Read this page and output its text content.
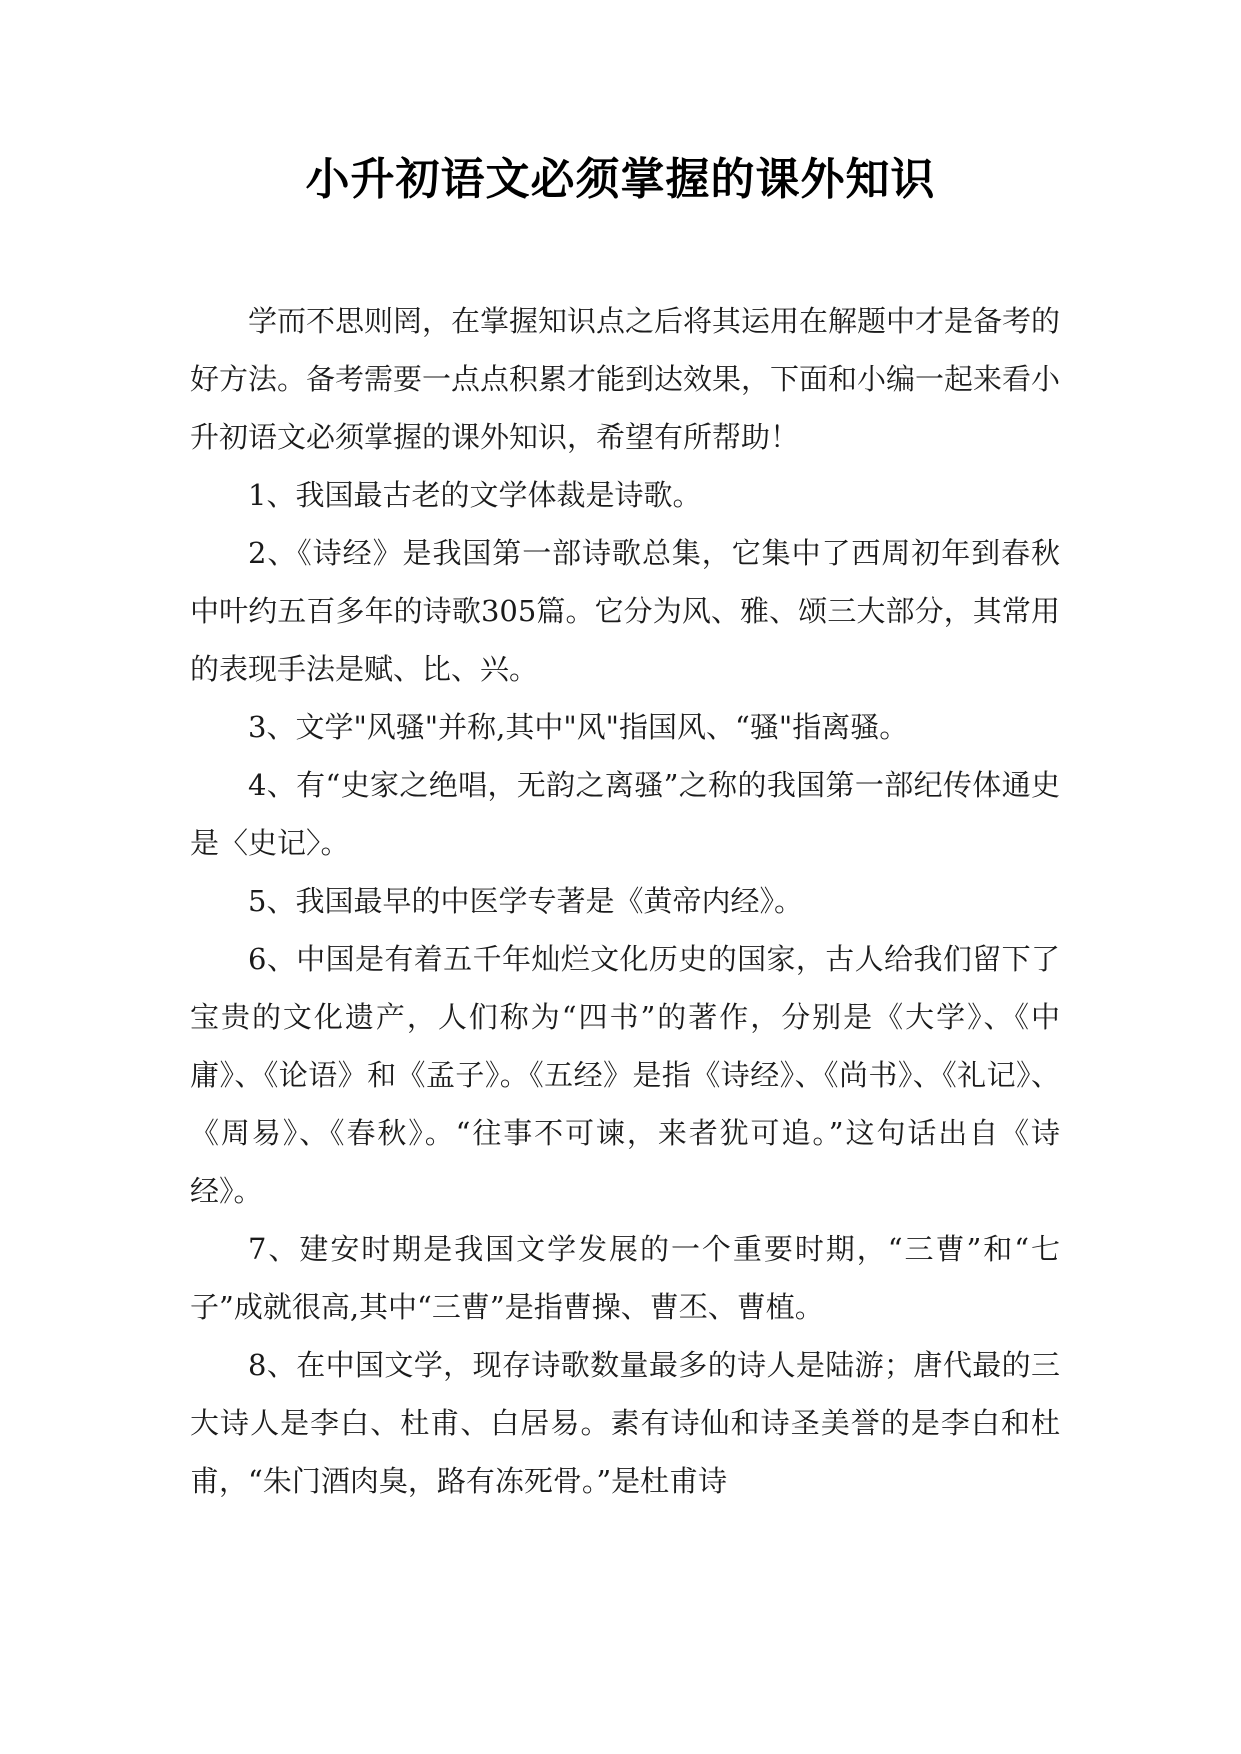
小升初语文必须掌握的课外知识

学而不思则罔，在掌握知识点之后将其运用在解题中才是备考的好方法。备考需要一点点积累才能到达效果，下面和小编一起来看小升初语文必须掌握的课外知识，希望有所帮助！

1、我国最古老的文学体裁是诗歌。

2、《诗经》是我国第一部诗歌总集，它集中了西周初年到春秋中叶约五百多年的诗歌305篇。它分为风、雅、颂三大部分，其常用的表现手法是赋、比、兴。

3、文学"风骚"并称,其中"风"指国风、“骚"指离骚。

4、有“史家之绝唱，无韵之离骚”之称的我国第一部纪传体通史是〈史记〉。

5、我国最早的中医学专著是《黄帝内经》。

6、中国是有着五千年灿烂文化历史的国家，古人给我们留下了宝贵的文化遗产，人们称为“四书”的著作，分别是《大学》、《中庸》、《论语》和《孟子》。《五经》是指《诗经》、《尚书》、《礼记》、《周易》、《春秋》。“往事不可谏，来者犹可追。”这句话出自《诗经》。

7、建安时期是我国文学发展的一个重要时期，“三曹”和“七子”成就很高,其中“三曹”是指曹操、曹丕、曹植。

8、在中国文学，现存诗歌数量最多的诗人是陆游；唐代最的三大诗人是李白、杜甫、白居易。素有诗仙和诗圣美誉的是李白和杜甫，“朱门酒肉臭，路有冻死骨。”是杜甫诗
